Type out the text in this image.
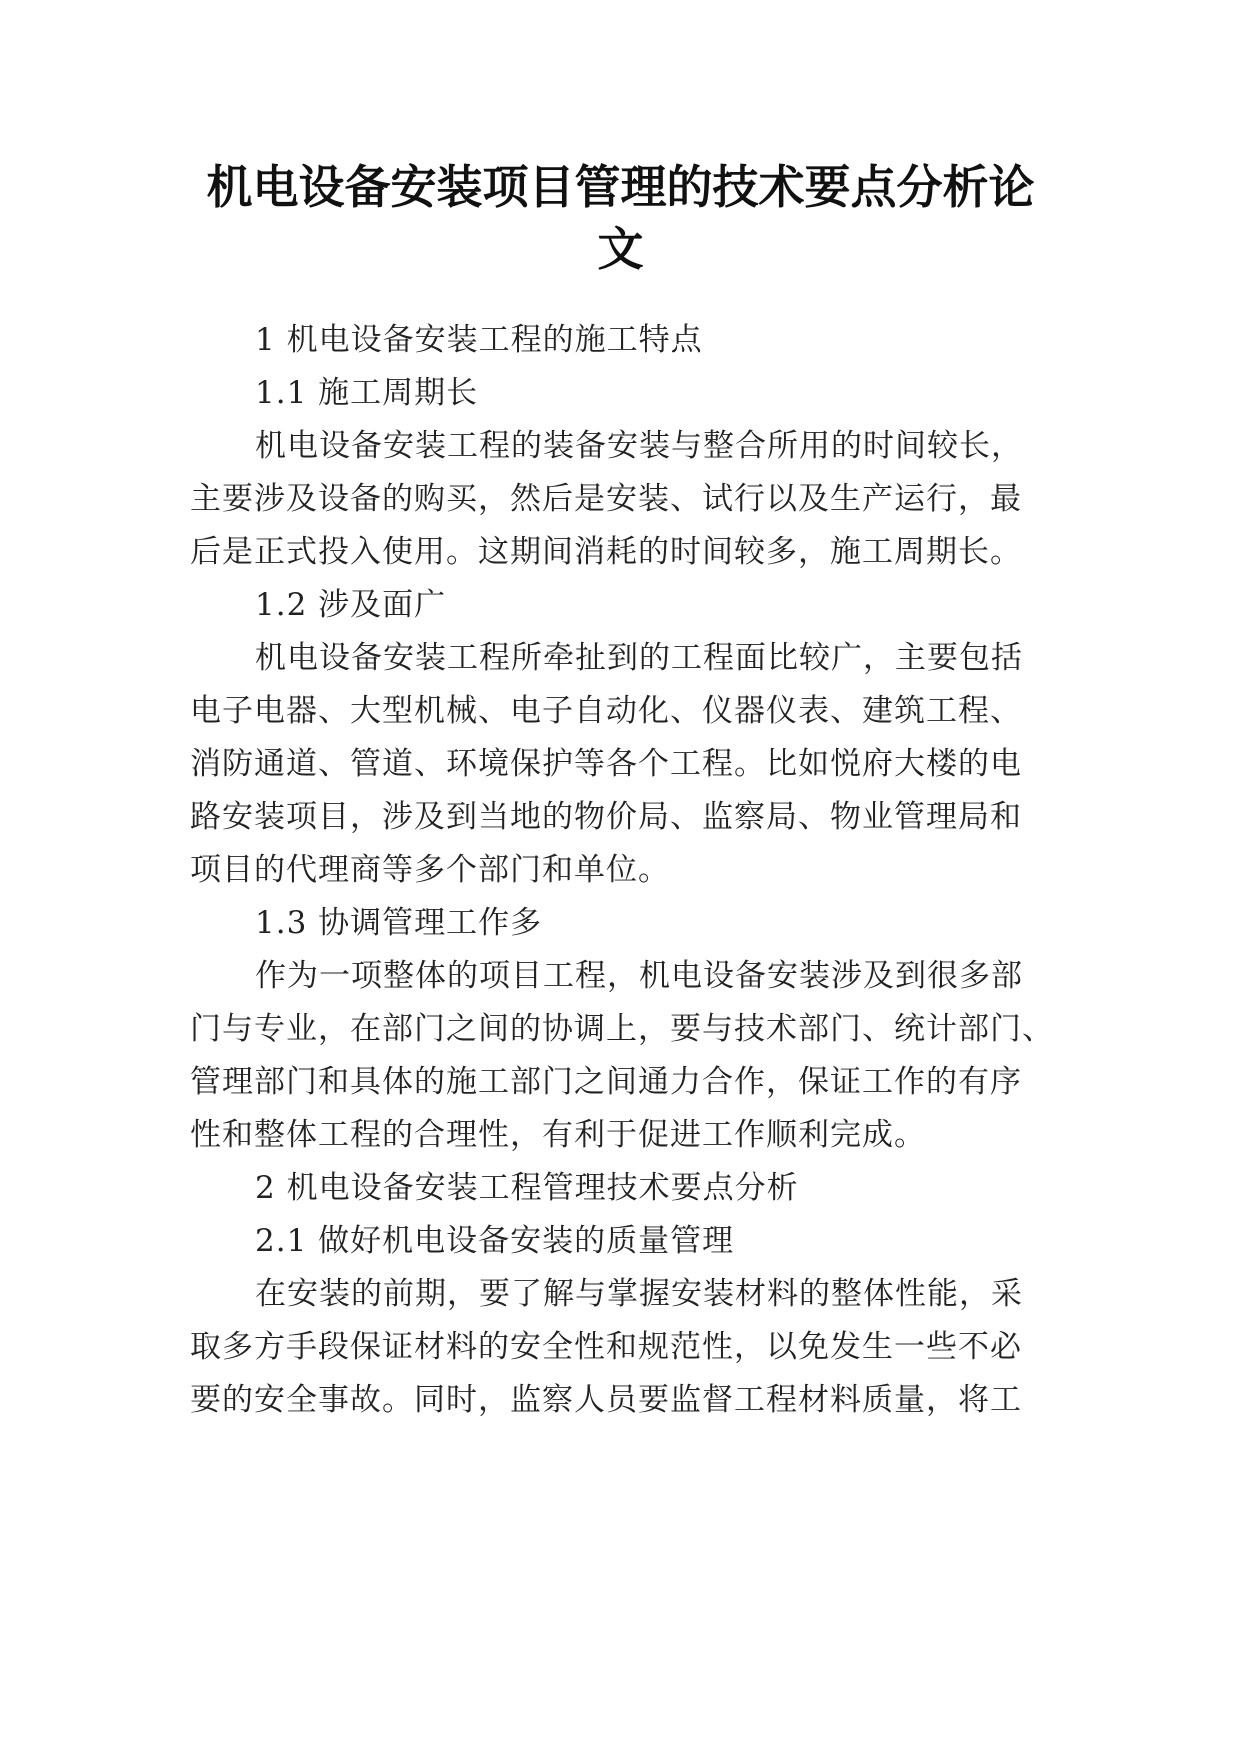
机电设备安装项目管理的技术要点分析论
文

1 机电设备安装工程的施工特点

1.1 施工周期长

机电设备安装工程的装备安装与整合所用的时间较长，

主要涉及设备的购买，然后是安装、试行以及生产运行，最

后是正式投入使用。这期间消耗的时间较多，施工周期长。

1.2 涉及面广

机电设备安装工程所牵扯到的工程面比较广，主要包括

电子电器、大型机械、电子自动化、仪器仪表、建筑工程、

消防通道、管道、环境保护等各个工程。比如悦府大楼的电

路安装项目，涉及到当地的物价局、监察局、物业管理局和

项目的代理商等多个部门和单位。

1.3 协调管理工作多

作为一项整体的项目工程，机电设备安装涉及到很多部

门与专业，在部门之间的协调上，要与技术部门、统计部门、

管理部门和具体的施工部门之间通力合作，保证工作的有序

性和整体工程的合理性，有利于促进工作顺利完成。

2 机电设备安装工程管理技术要点分析

2.1 做好机电设备安装的质量管理

在安装的前期，要了解与掌握安装材料的整体性能，采

取多方手段保证材料的安全性和规范性，以免发生一些不必

要的安全事故。同时，监察人员要监督工程材料质量，将工
